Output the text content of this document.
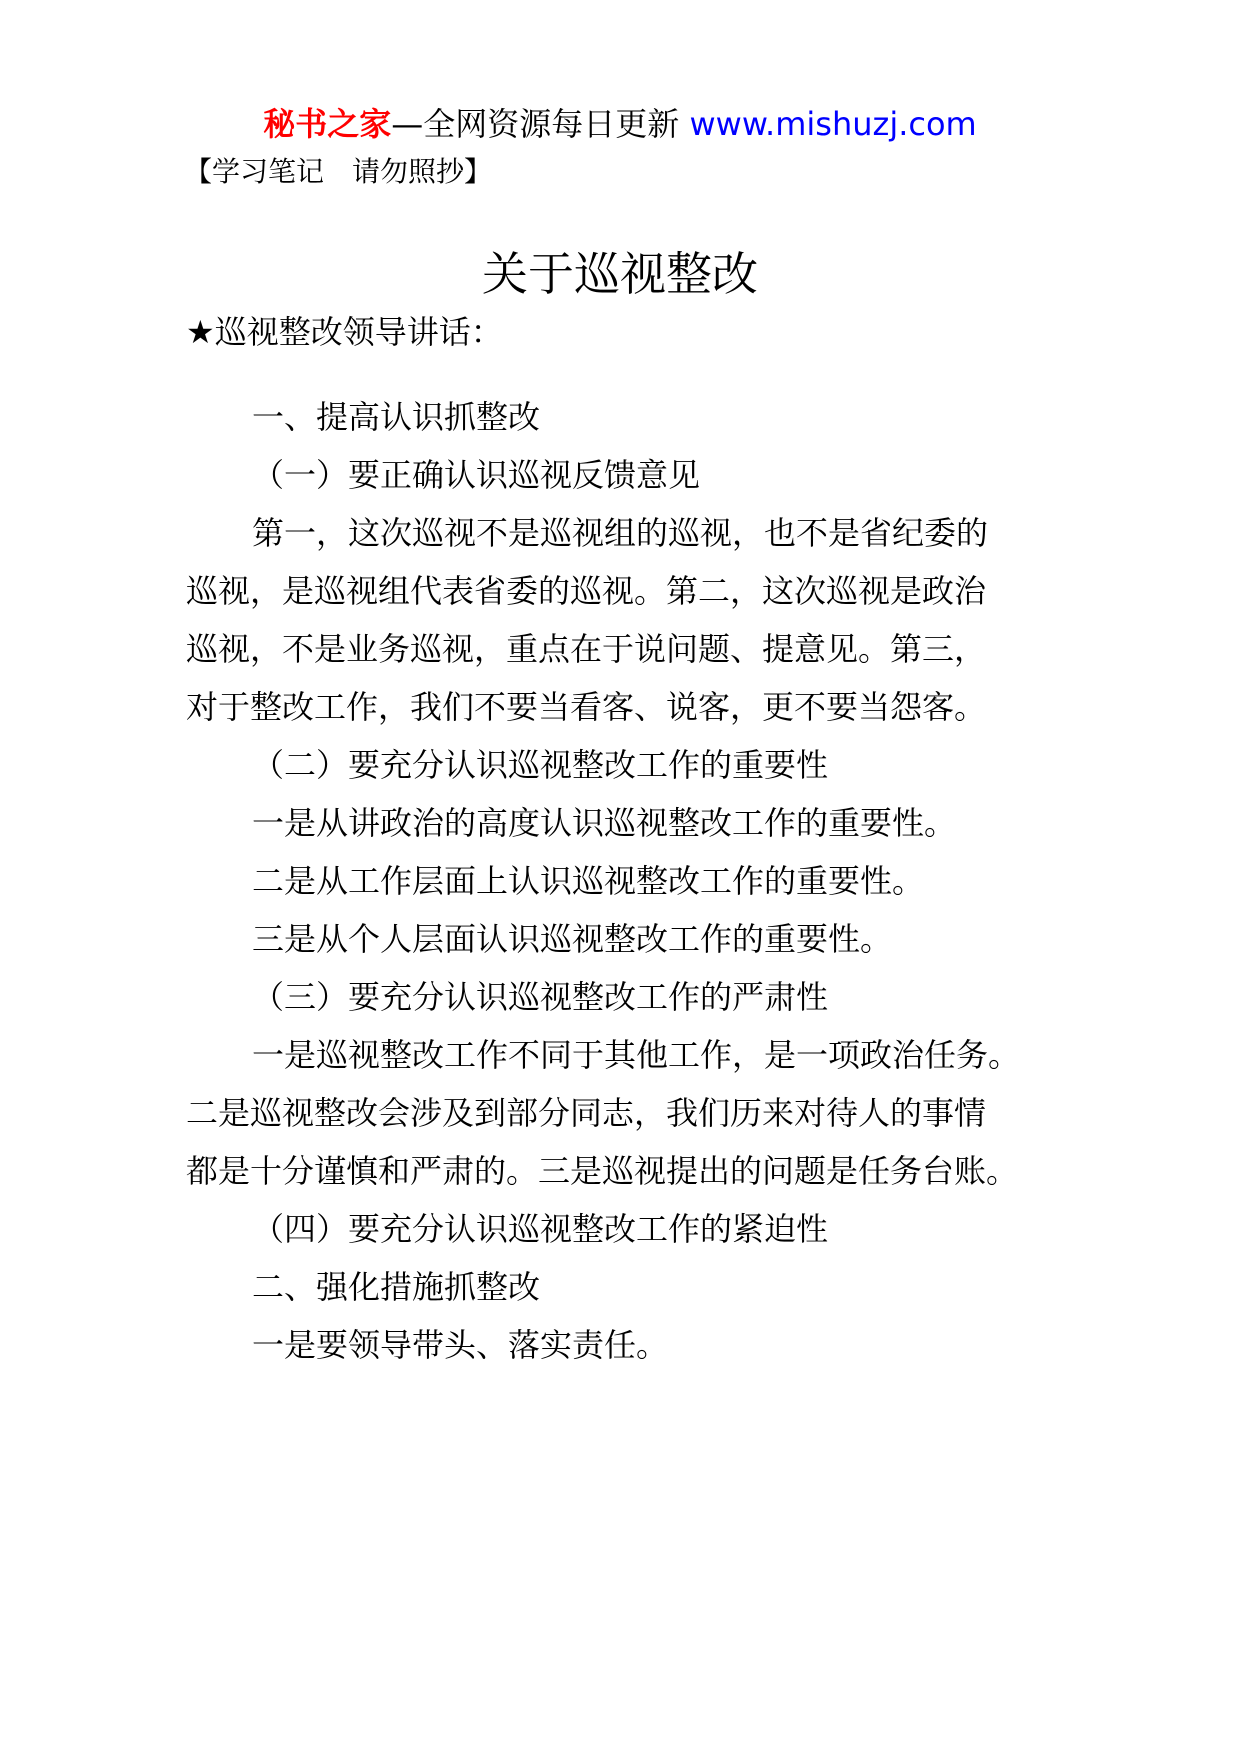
秘书之家—全网资源每日更新 www.mishuzj.com
【学习笔记　请勿照抄】
关于巡视整改
★巡视整改领导讲话：
一、提高认识抓整改
（一）要正确认识巡视反馈意见
第一，这次巡视不是巡视组的巡视，也不是省纪委的
巡视，是巡视组代表省委的巡视。第二，这次巡视是政治
巡视，不是业务巡视，重点在于说问题、提意见。第三，
对于整改工作，我们不要当看客、说客，更不要当怨客。
（二）要充分认识巡视整改工作的重要性
一是从讲政治的高度认识巡视整改工作的重要性。
二是从工作层面上认识巡视整改工作的重要性。
三是从个人层面认识巡视整改工作的重要性。
（三）要充分认识巡视整改工作的严肃性
一是巡视整改工作不同于其他工作，是一项政治任务。
二是巡视整改会涉及到部分同志，我们历来对待人的事情
都是十分谨慎和严肃的。三是巡视提出的问题是任务台账。
（四）要充分认识巡视整改工作的紧迫性
二、强化措施抓整改
一是要领导带头、落实责任。
